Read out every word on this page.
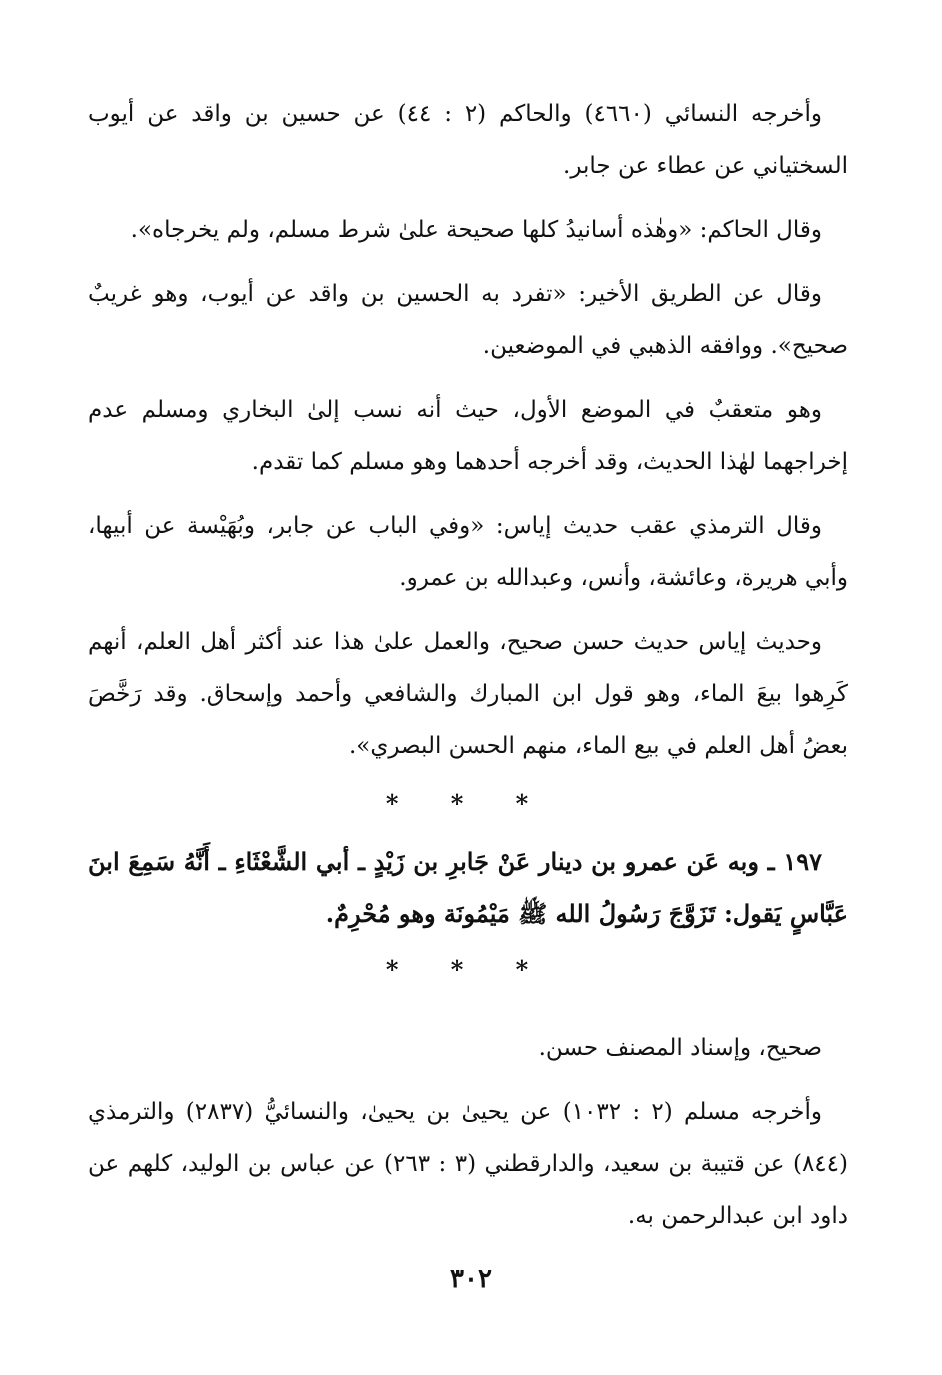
وأخرجه النسائي (٤٦٦٠) والحاكم (٢ : ٤٤) عن حسين بن واقد عن أيوب السختياني عن عطاء عن جابر.

وقال الحاكم: «وهٰذه أسانيدُ كلها صحيحة علىٰ شرط مسلم، ولم يخرجاه».

وقال عن الطريق الأخير: «تفرد به الحسين بن واقد عن أيوب، وهو غريبٌ صحيح». ووافقه الذهبي في الموضعين.

وهو متعقبٌ في الموضع الأول، حيث أنه نسب إلىٰ البخاري ومسلم عدم إخراجهما لهٰذا الحديث، وقد أخرجه أحدهما وهو مسلم كما تقدم.

وقال الترمذي عقب حديث إياس: «وفي الباب عن جابر، وبُهَيْسة عن أبيها، وأبي هريرة، وعائشة، وأنس، وعبدالله بن عمرو.

وحديث إياس حديث حسن صحيح، والعمل علىٰ هذا عند أكثر أهل العلم، أنهم كَرِهوا بيعَ الماء، وهو قول ابن المبارك والشافعي وأحمد وإسحاق. وقد رَخَّصَ بعضُ أهل العلم في بيع الماء، منهم الحسن البصري».

* * *

١٩٧ ـ وبه عَن عمرو بن دينار عَنْ جَابرِ بن زَيْدٍ ـ أبي الشَّعْثَاءِ ـ أَنَّهُ سَمِعَ ابنَ عَبَّاسٍ يَقول: تَزَوَّجَ رَسُولُ الله ﷺ مَيْمُونَة وهو مُحْرِمٌ.

* * *

صحيح، وإسناد المصنف حسن.

وأخرجه مسلم (٢ : ١٠٣٢) عن يحيىٰ بن يحيىٰ، والنسائيُّ (٢٨٣٧) والترمذي (٨٤٤) عن قتيبة بن سعيد، والدارقطني (٣ : ٢٦٣) عن عباس بن الوليد، كلهم عن داود ابن عبدالرحمن به.

٣٠٢
